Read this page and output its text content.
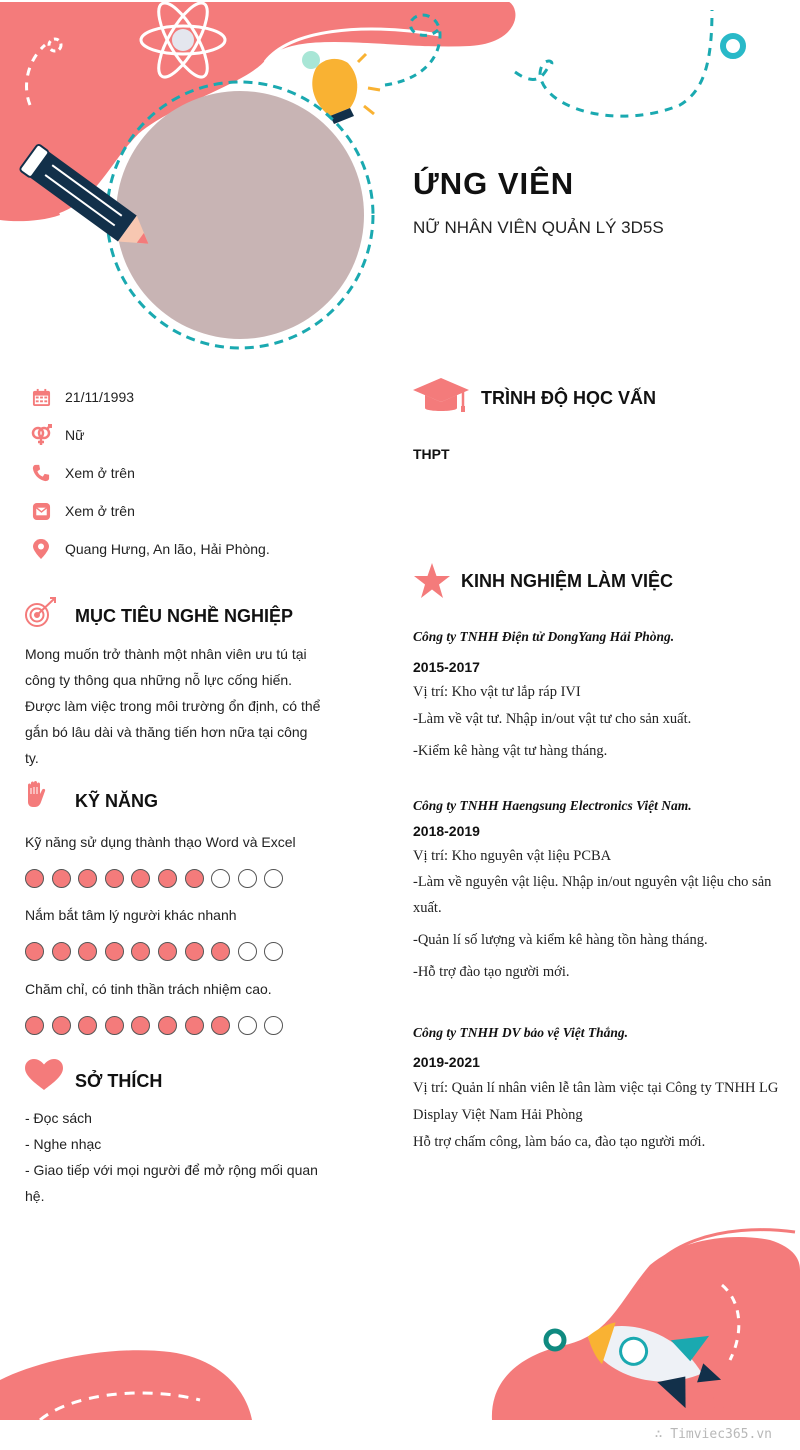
ỨNG VIÊN
NỮ NHÂN VIÊN QUẢN LÝ 3D5S
21/11/1993
Nữ
Xem ở trên
Xem ở trên
Quang Hưng, An lão, Hải Phòng.
MỤC TIÊU NGHỀ NGHIỆP
Mong muốn trở thành một nhân viên ưu tú tại
công ty thông qua những nỗ lực cống hiến.
Được làm việc trong môi trường ổn định, có thể
gắn bó lâu dài và thăng tiến hơn nữa tại công
ty.
KỸ NĂNG
Kỹ năng sử dụng thành thạo Word và Excel
Nắm bắt tâm lý người khác nhanh
Chăm chỉ, có tinh thần trách nhiệm cao.
SỞ THÍCH
- Đọc sách
- Nghe nhạc
- Giao tiếp với mọi người để mở rộng mối quan
hệ.
TRÌNH ĐỘ HỌC VẤN
THPT
KINH NGHIỆM LÀM VIỆC
Công ty TNHH Điện tử DongYang Hải Phòng.
2015-2017
Vị trí: Kho vật tư lắp ráp IVI
-Làm về vật tư. Nhập in/out vật tư cho sản xuất.
-Kiểm kê hàng vật tư hàng tháng.
Công ty TNHH Haengsung Electronics Việt Nam.
2018-2019
Vị trí: Kho nguyên vật liệu PCBA
-Làm về nguyên vật liệu. Nhập in/out nguyên vật liệu cho sản
xuất.
-Quản lí số lượng và kiểm kê hàng tồn hàng tháng.
-Hỗ trợ đào tạo người mới.
Công ty TNHH DV bảo vệ Việt Thắng.
2019-2021
Vị trí: Quản lí nhân viên lễ tân làm việc tại Công ty TNHH LG
Display Việt Nam Hải Phòng
Hỗ trợ chấm công, làm báo ca, đào tạo người mới.
∴ Timviec365.vn
